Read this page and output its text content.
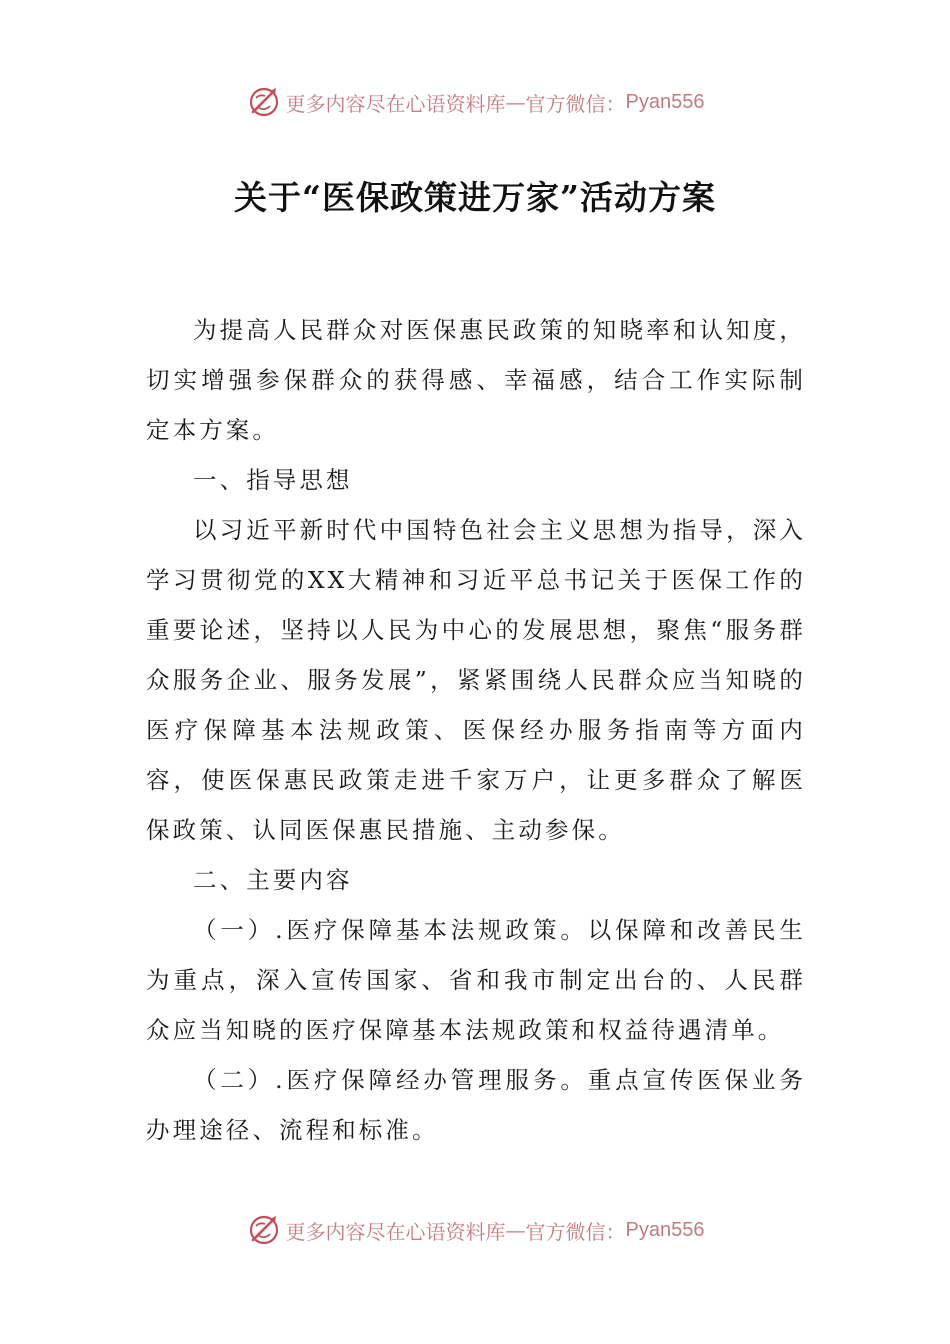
更多内容尽在心语资料库 — 官方微信： Pyan556
关于“医保政策进万家”活动方案

为提高人民群众对医保惠民政策的知晓率和认知度，切实增强参保群众的获得感、幸福感，结合工作实际制定本方案。

一、指导思想

以习近平新时代中国特色社会主义思想为指导，深入学习贯彻党的XX大精神和习近平总书记关于医保工作的重要论述，坚持以人民为中心的发展思想，聚焦“服务群众服务企业、服务发展”，紧紧围绕人民群众应当知晓的医疗保障基本法规政策、医保经办服务指南等方面内容，使医保惠民政策走进千家万户，让更多群众了解医保政策、认同医保惠民措施、主动参保。

二、主要内容

（一）.医疗保障基本法规政策。以保障和改善民生为重点，深入宣传国家、省和我市制定出台的、人民群众应当知晓的医疗保障基本法规政策和权益待遇清单。

（二）.医疗保障经办管理服务。重点宣传医保业务办理途径、流程和标准。

更多内容尽在心语资料库 — 官方微信： Pyan556
